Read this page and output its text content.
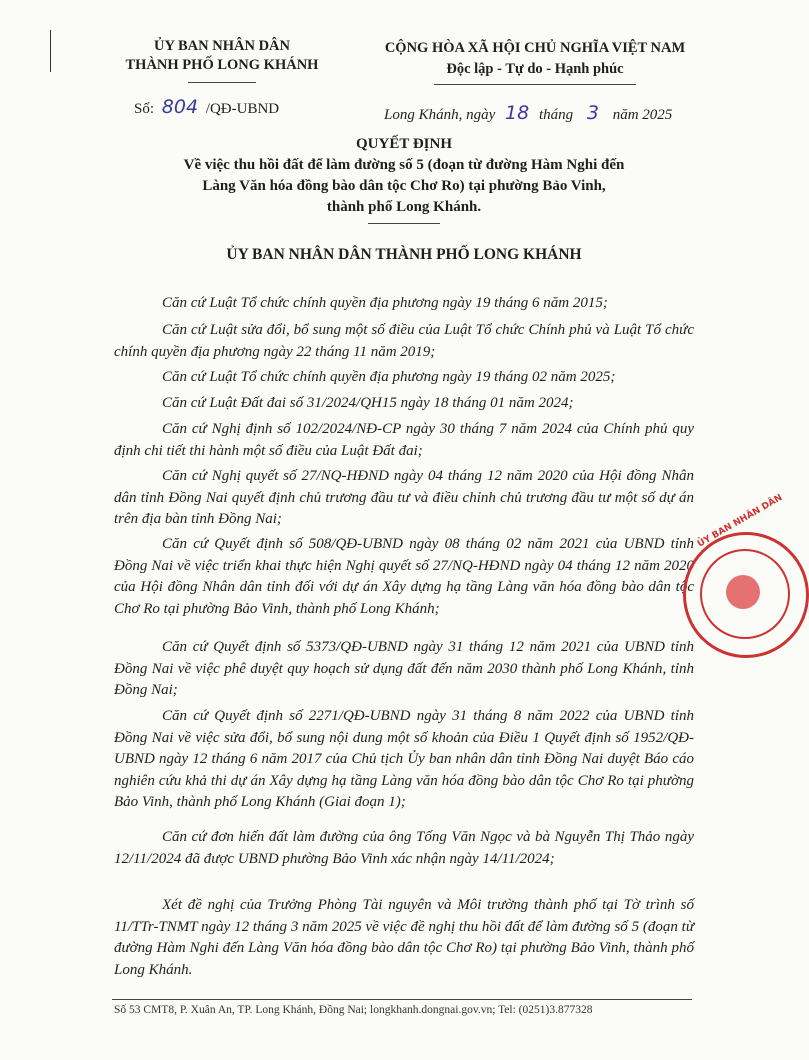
ỦY BAN NHÂN DÂN
THÀNH PHỐ LONG KHÁNH
CỘNG HÒA XÃ HỘI CHỦ NGHĨA VIỆT NAM
Độc lập - Tự do - Hạnh phúc
Số: 804 /QĐ-UBND	Long Khánh, ngày 18 tháng 3 năm 2025
QUYẾT ĐỊNH
Về việc thu hồi đất để làm đường số 5 (đoạn từ đường Hàm Nghi đến
Làng Văn hóa đồng bào dân tộc Chơ Ro) tại phường Bảo Vinh,
thành phố Long Khánh.
ỦY BAN NHÂN DÂN THÀNH PHỐ LONG KHÁNH
Căn cứ Luật Tổ chức chính quyền địa phương ngày 19 tháng 6 năm 2015;
Căn cứ Luật sửa đổi, bổ sung một số điều của Luật Tổ chức Chính phủ và Luật Tổ chức chính quyền địa phương ngày 22 tháng 11 năm 2019;
Căn cứ Luật Tổ chức chính quyền địa phương ngày 19 tháng 02 năm 2025;
Căn cứ Luật Đất đai số 31/2024/QH15 ngày 18 tháng 01 năm 2024;
Căn cứ Nghị định số 102/2024/NĐ-CP ngày 30 tháng 7 năm 2024 của Chính phủ quy định chi tiết thi hành một số điều của Luật Đất đai;
Căn cứ Nghị quyết số 27/NQ-HĐND ngày 04 tháng 12 năm 2020 của Hội đồng Nhân dân tỉnh Đồng Nai quyết định chủ trương đầu tư và điều chỉnh chủ trương đầu tư một số dự án trên địa bàn tỉnh Đồng Nai;
Căn cứ Quyết định số 508/QĐ-UBND ngày 08 tháng 02 năm 2021 của UBND tỉnh Đồng Nai về việc triển khai thực hiện Nghị quyết số 27/NQ-HĐND ngày 04 tháng 12 năm 2020 của Hội đồng Nhân dân tỉnh đối với dự án Xây dựng hạ tầng Làng văn hóa đồng bào dân tộc Chơ Ro tại phường Bảo Vinh, thành phố Long Khánh;
Căn cứ Quyết định số 5373/QĐ-UBND ngày 31 tháng 12 năm 2021 của UBND tỉnh Đồng Nai về việc phê duyệt quy hoạch sử dụng đất đến năm 2030 thành phố Long Khánh, tỉnh Đồng Nai;
Căn cứ Quyết định số 2271/QĐ-UBND ngày 31 tháng 8 năm 2022 của UBND tỉnh Đồng Nai về việc sửa đổi, bổ sung nội dung một số khoản của Điều 1 Quyết định số 1952/QĐ-UBND ngày 12 tháng 6 năm 2017 của Chủ tịch Ủy ban nhân dân tỉnh Đồng Nai duyệt Báo cáo nghiên cứu khả thi dự án Xây dựng hạ tầng Làng văn hóa đồng bào dân tộc Chơ Ro tại phường Bảo Vinh, thành phố Long Khánh (Giai đoạn 1);
Căn cứ đơn hiến đất làm đường của ông Tống Văn Ngọc và bà Nguyễn Thị Thảo ngày 12/11/2024 đã được UBND phường Bảo Vinh xác nhận ngày 14/11/2024;
Xét đề nghị của Trưởng Phòng Tài nguyên và Môi trường thành phố tại Tờ trình số 11/TTr-TNMT ngày 12 tháng 3 năm 2025 về việc đề nghị thu hồi đất để làm đường số 5 (đoạn từ đường Hàm Nghi đến Làng Văn hóa đồng bào dân tộc Chơ Ro) tại phường Bảo Vinh, thành phố Long Khánh.
ỦY BAN NHÂN DÂN
Số 53 CMT8, P. Xuân An, TP. Long Khánh, Đồng Nai; longkhanh.dongnai.gov.vn; Tel: (0251)3.877328
